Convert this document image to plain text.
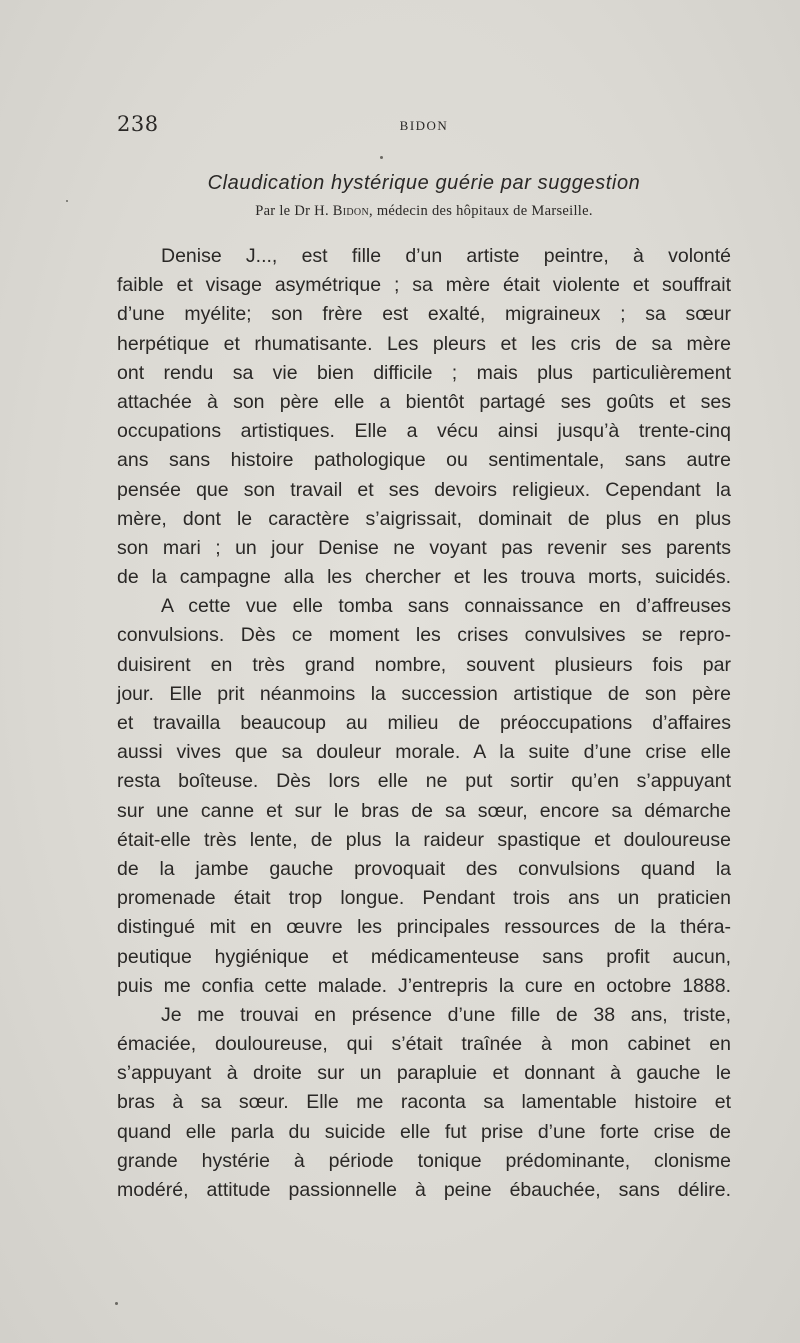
238	BIDON
Claudication hystérique guérie par suggestion
Par le Dr H. Bidon, médecin des hôpitaux de Marseille.
Denise J..., est fille d’un artiste peintre, à volonté
faible et visage asymétrique ; sa mère était violente et souffrait
d’une myélite; son frère est exalté, migraineux ; sa sœur
herpétique et rhumatisante. Les pleurs et les cris de sa mère
ont rendu sa vie bien difficile ; mais plus particulièrement
attachée à son père elle a bientôt partagé ses goûts et ses
occupations artistiques. Elle a vécu ainsi jusqu’à trente-cinq
ans sans histoire pathologique ou sentimentale, sans autre
pensée que son travail et ses devoirs religieux. Cependant la
mère, dont le caractère s’aigrissait, dominait de plus en plus
son mari ; un jour Denise ne voyant pas revenir ses parents
de la campagne alla les chercher et les trouva morts, suicidés.
A cette vue elle tomba sans connaissance en d’affreuses
convulsions. Dès ce moment les crises convulsives se repro-
duisirent en très grand nombre, souvent plusieurs fois par
jour. Elle prit néanmoins la succession artistique de son père
et travailla beaucoup au milieu de préoccupations d’affaires
aussi vives que sa douleur morale. A la suite d’une crise elle
resta boîteuse. Dès lors elle ne put sortir qu’en s’appuyant
sur une canne et sur le bras de sa sœur, encore sa démarche
était-elle très lente, de plus la raideur spastique et douloureuse
de la jambe gauche provoquait des convulsions quand la
promenade était trop longue. Pendant trois ans un praticien
distingué mit en œuvre les principales ressources de la théra-
peutique hygiénique et médicamenteuse sans profit aucun,
puis me confia cette malade. J’entrepris la cure en octobre 1888.
Je me trouvai en présence d’une fille de 38 ans, triste,
émaciée, douloureuse, qui s’était traînée à mon cabinet en
s’appuyant à droite sur un parapluie et donnant à gauche le
bras à sa sœur. Elle me raconta sa lamentable histoire et
quand elle parla du suicide elle fut prise d’une forte crise de
grande hystérie à période tonique prédominante, clonisme
modéré, attitude passionnelle à peine ébauchée, sans délire.
